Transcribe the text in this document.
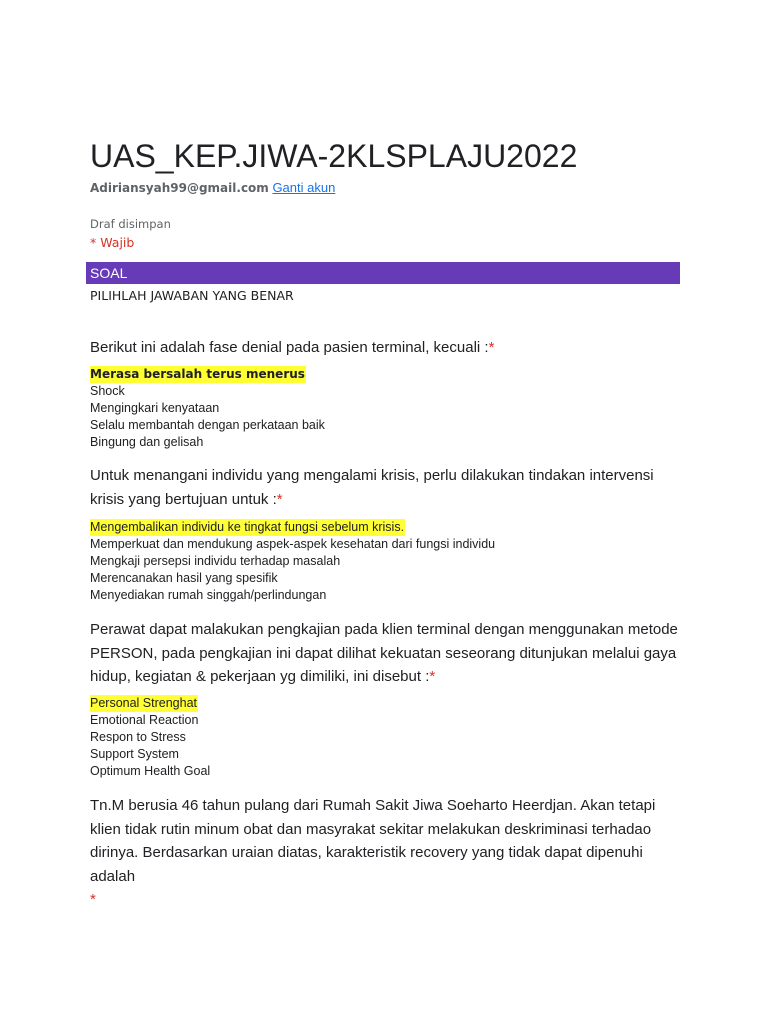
UAS_KEP.JIWA-2KLSPLAJU2022
Adiriansyah99@gmail.com Ganti akun
Draf disimpan
* Wajib
SOAL
PILIHLAH JAWABAN YANG BENAR
Berikut ini adalah fase denial pada pasien terminal, kecuali :*
Merasa bersalah terus menerus
Shock
Mengingkari kenyataan
Selalu membantah dengan perkataan baik
Bingung dan gelisah
Untuk menangani individu yang mengalami krisis, perlu dilakukan tindakan intervensi krisis yang bertujuan untuk :*
Mengembalikan individu ke tingkat fungsi sebelum krisis.
Memperkuat dan mendukung aspek-aspek kesehatan dari fungsi individu
Mengkaji persepsi individu terhadap masalah
Merencanakan hasil yang spesifik
Menyediakan rumah singgah/perlindungan
Perawat dapat malakukan pengkajian pada klien terminal dengan menggunakan metode PERSON, pada pengkajian ini dapat dilihat kekuatan seseorang ditunjukan melalui gaya hidup, kegiatan & pekerjaan yg dimiliki, ini disebut :*
Personal Strenghat
Emotional Reaction
Respon to Stress
Support System
Optimum Health Goal
Tn.M berusia 46 tahun pulang dari Rumah Sakit Jiwa Soeharto Heerdjan. Akan tetapi klien tidak rutin minum obat dan masyrakat sekitar melakukan deskriminasi terhadao dirinya. Berdasarkan uraian diatas, karakteristik recovery yang tidak dapat dipenuhi adalah
*
